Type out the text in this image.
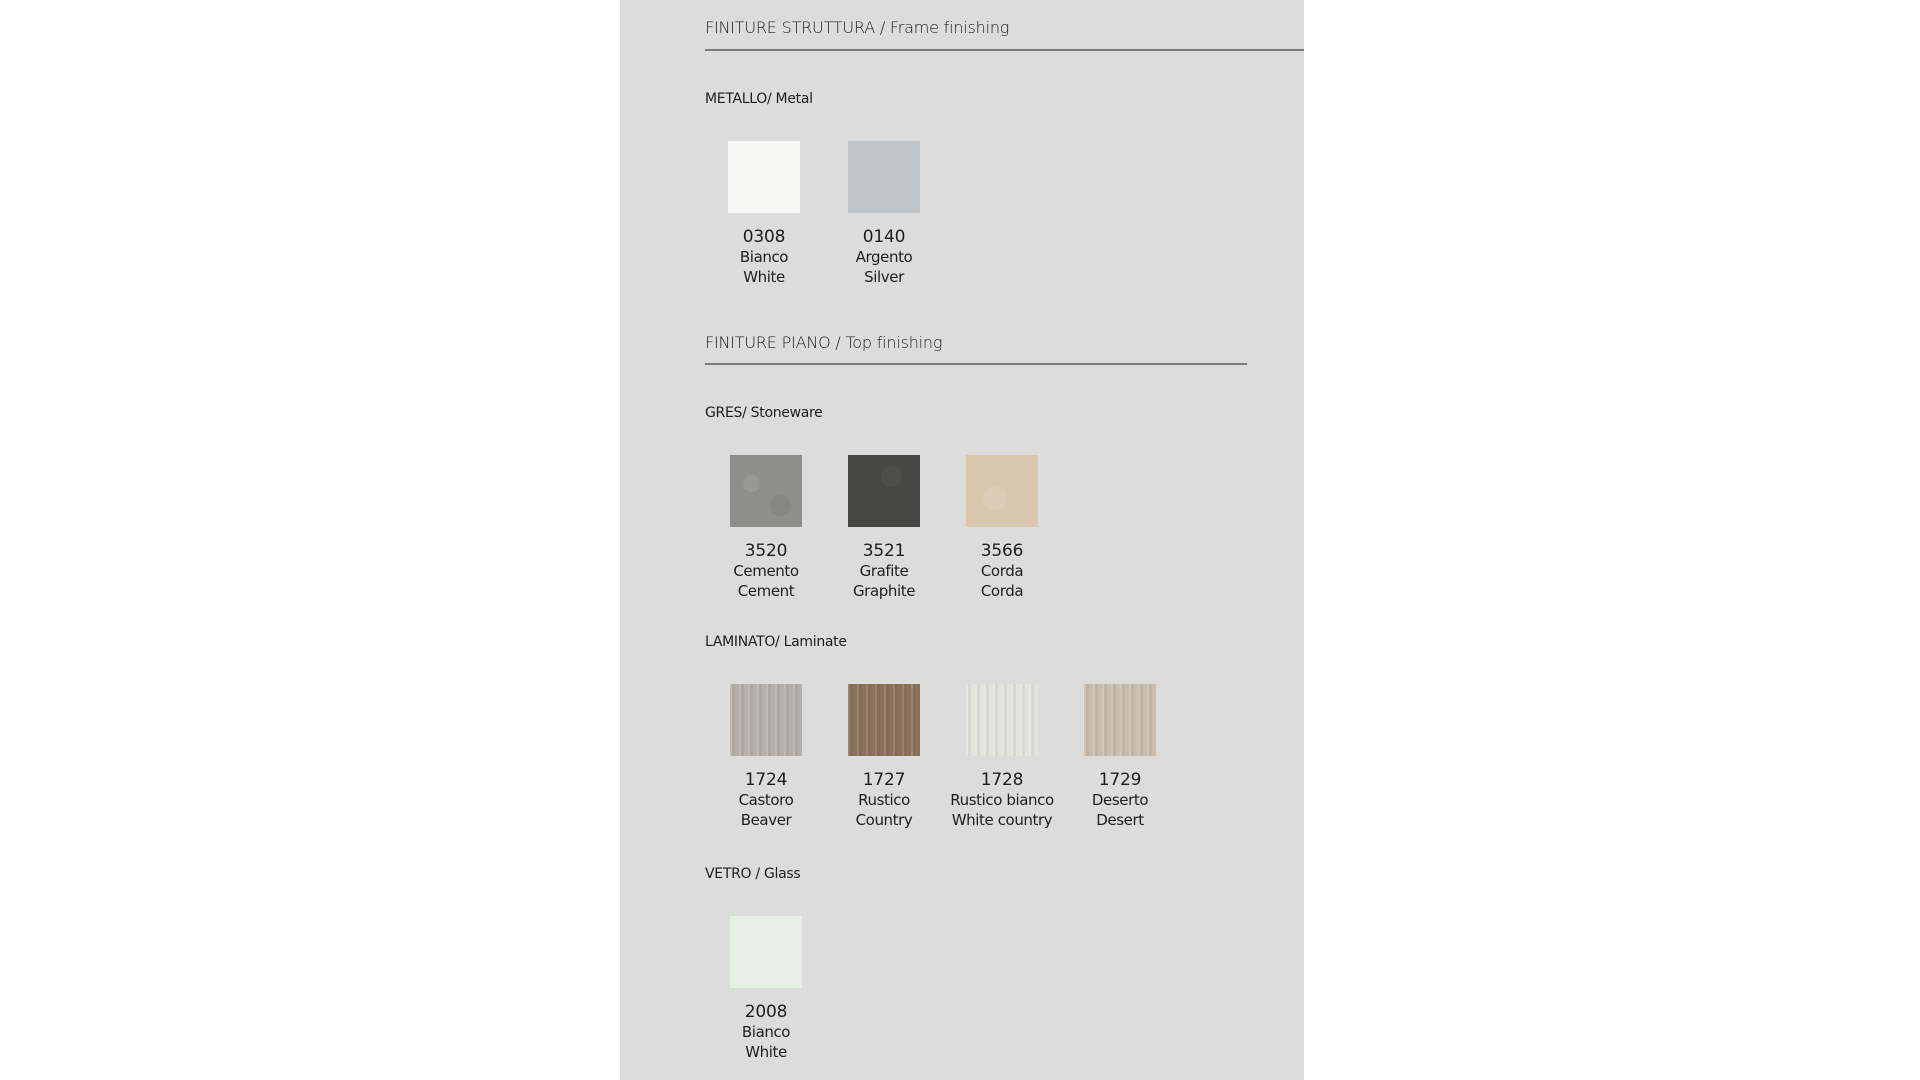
FINITURE STRUTTURA / Frame finishing
METALLO/ Metal
0308
Bianco
White
0140
Argento
Silver
FINITURE PIANO / Top finishing
GRES/ Stoneware
3520
Cemento
Cement
3521
Grafite
Graphite
3566
Corda
Corda
LAMINATO/ Laminate
1724
Castoro
Beaver
1727
Rustico
Country
1728
Rustico bianco
White country
1729
Deserto
Desert
VETRO / Glass
2008
Bianco
White
